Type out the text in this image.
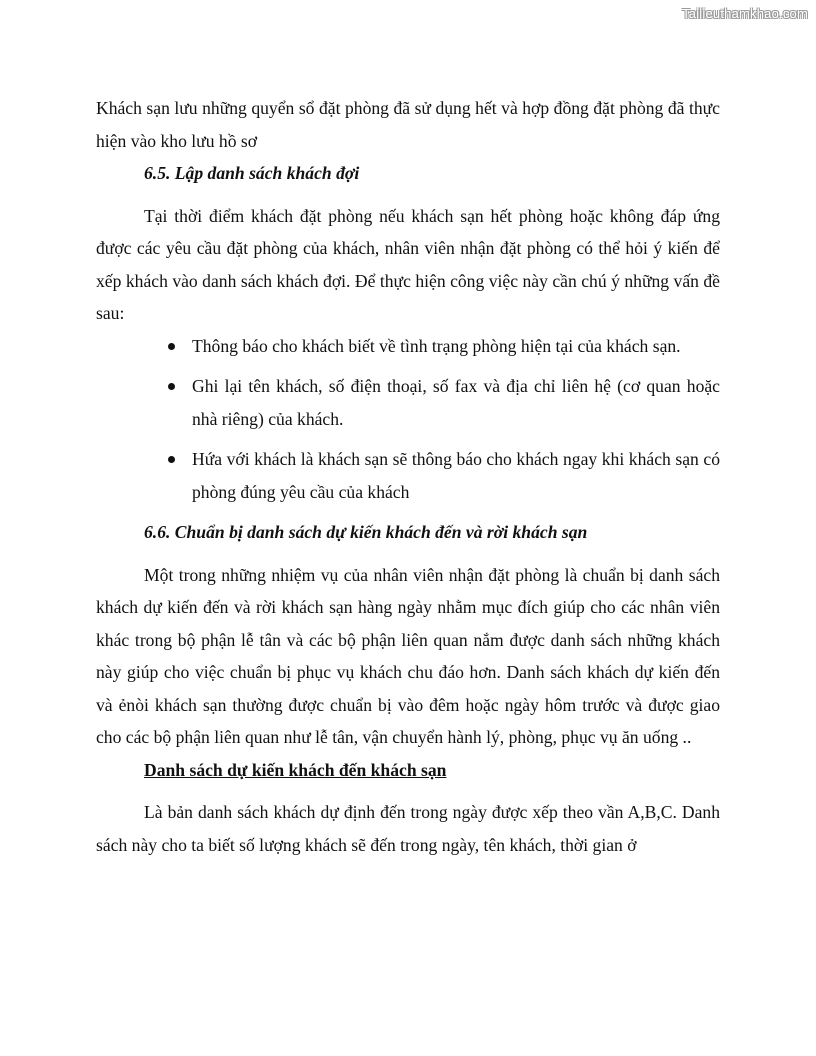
Tailieuthamkhao.com

Khách sạn lưu những quyển sổ đặt phòng đã sử dụng hết và hợp đồng đặt phòng đã thực hiện vào kho lưu hồ sơ

6.5. Lập danh sách khách đợi

Tại thời điểm khách đặt phòng nếu khách sạn hết phòng hoặc không đáp ứng được các yêu cầu đặt phòng của khách, nhân viên nhận đặt phòng có thể hỏi ý kiến để xếp khách vào danh sách khách đợi. Để thực hiện công việc này cần chú ý những vấn đề sau:

Thông báo cho khách biết về tình trạng phòng hiện tại của khách sạn.
Ghi lại tên khách, số điện thoại, số fax và địa chỉ liên hệ (cơ quan hoặc nhà riêng) của khách.
Hứa với khách là khách sạn sẽ thông báo cho khách ngay khi khách sạn có phòng đúng yêu cầu của khách

6.6. Chuẩn bị danh sách dự kiến khách đến và rời khách sạn

Một trong những nhiệm vụ của nhân viên nhận đặt phòng là chuẩn bị danh sách khách dự kiến đến và rời khách sạn hàng ngày nhằm mục đích giúp cho các nhân viên khác trong bộ phận lễ tân và các bộ phận liên quan nắm được danh sách những khách này giúp cho việc chuẩn bị phục vụ khách chu đáo hơn. Danh sách khách dự kiến đến và ẻnòi khách sạn thường được chuẩn bị vào đêm hoặc ngày hôm trước và được giao cho các bộ phận liên quan như lễ tân, vận chuyển hành lý, phòng, phục vụ ăn uống ..

Danh sách dự kiến khách đến khách sạn

Là bản danh sách khách dự định đến trong ngày được xếp theo vần A,B,C. Danh sách này cho ta biết số lượng khách sẽ đến trong ngày, tên khách, thời gian ở
